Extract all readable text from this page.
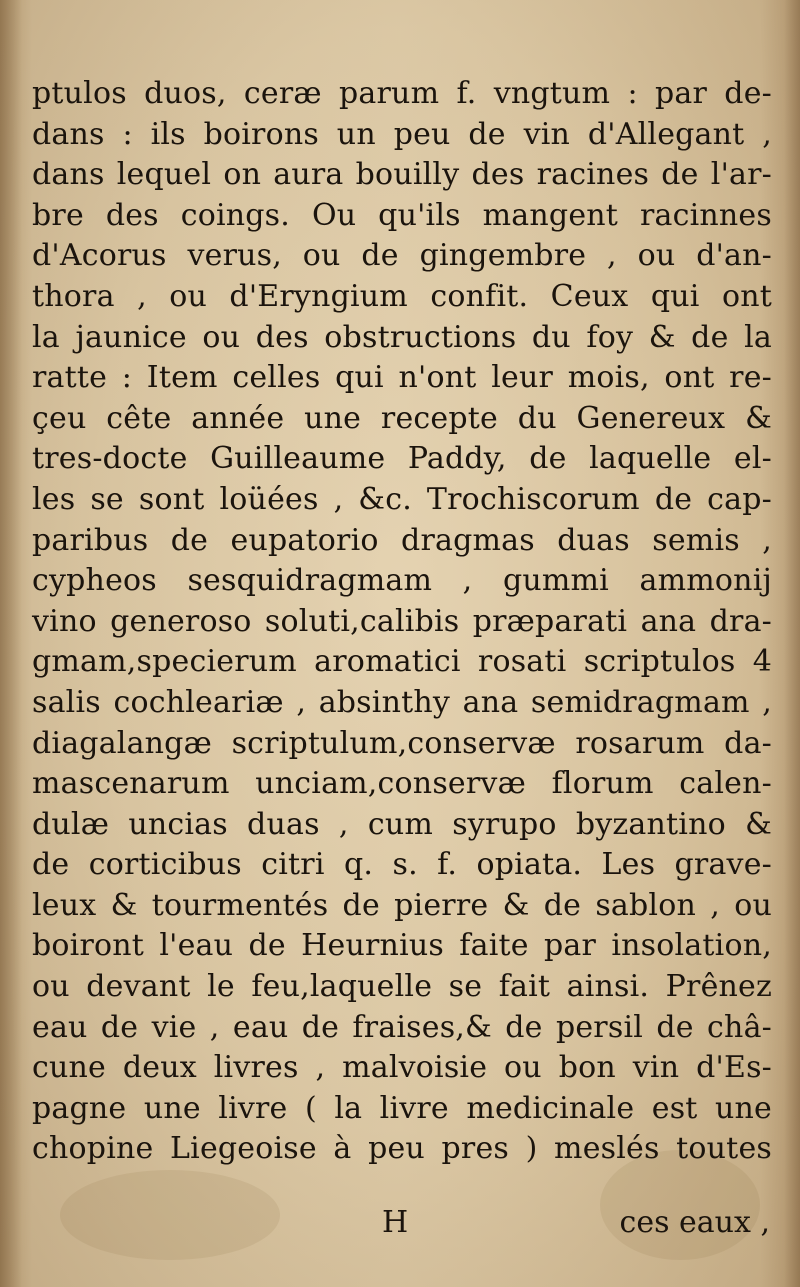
ptulos duos, ceræ parum f. vngtum : par de-
dans : ils boirons un peu de vin d'Allegant ,
dans lequel on aura bouilly des racines de l'ar-
bre des coings. Ou qu'ils mangent racinnes
d'Acorus verus, ou de gingembre , ou d'an-
thora , ou d'Eryngium confit. Ceux qui ont
la jaunice ou des obstructions du foy & de la
ratte : Item celles qui n'ont leur mois, ont re-
çeu cête année une recepte du Genereux &
tres-docte Guilleaume Paddy, de laquelle el-
les se sont loüées , &c. Trochiscorum de cap-
paribus de eupatorio dragmas duas semis ,
cypheos sesquidragmam , gummi ammonij
vino generoso soluti,calibis præparati ana dra-
gmam,specierum aromatici rosati scriptulos 4
salis cochleariæ , absinthy ana semidragmam ,
diagalangæ scriptulum,conservæ rosarum da-
mascenarum unciam,conservæ florum calen-
dulæ uncias duas , cum syrupo byzantino &
de corticibus citri q. s. f. opiata. Les grave-
leux & tourmentés de pierre & de sablon , ou
boiront l'eau de Heurnius faite par insolation,
ou devant le feu,laquelle se fait ainsi. Prênez
eau de vie , eau de fraises,& de persil de châ-
cune deux livres , malvoisie ou bon vin d'Es-
pagne une livre ( la livre medicinale est une
chopine Liegeoise à peu pres ) meslés toutes
H	ces eaux ,
